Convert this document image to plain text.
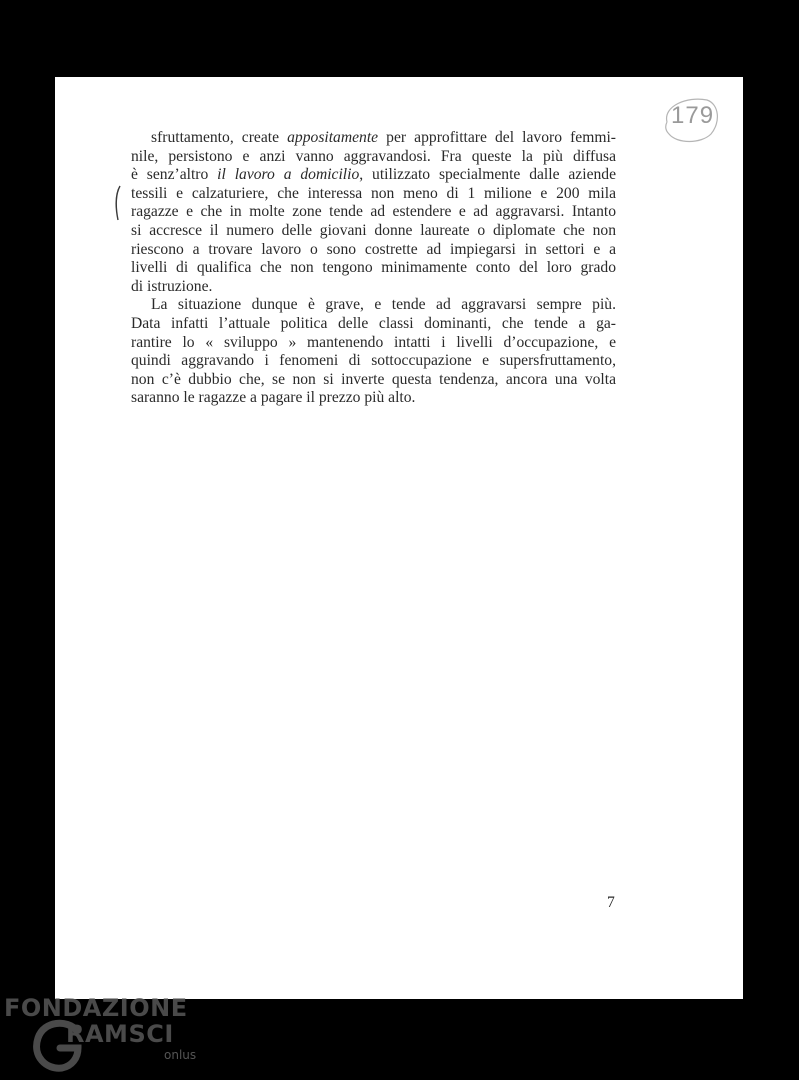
179
sfruttamento, create appositamente per approfittare del lavoro femmi-
nile, persistono e anzi vanno aggravandosi. Fra queste la più diffusa
è senz’altro il lavoro a domicilio, utilizzato specialmente dalle aziende
tessili e calzaturiere, che interessa non meno di 1 milione e 200 mila
ragazze e che in molte zone tende ad estendere e ad aggravarsi. Intanto
si accresce il numero delle giovani donne laureate o diplomate che non
riescono a trovare lavoro o sono costrette ad impiegarsi in settori e a
livelli di qualifica che non tengono minimamente conto del loro grado
di istruzione.
La situazione dunque è grave, e tende ad aggravarsi sempre più.
Data infatti l’attuale politica delle classi dominanti, che tende a ga-
rantire lo « sviluppo » mantenendo intatti i livelli d’occupazione, e
quindi aggravando i fenomeni di sottoccupazione e supersfruttamento,
non c’è dubbio che, se non si inverte questa tendenza, ancora una volta
saranno le ragazze a pagare il prezzo più alto.
7
FONDAZIONE
RAMSCI
onlus
